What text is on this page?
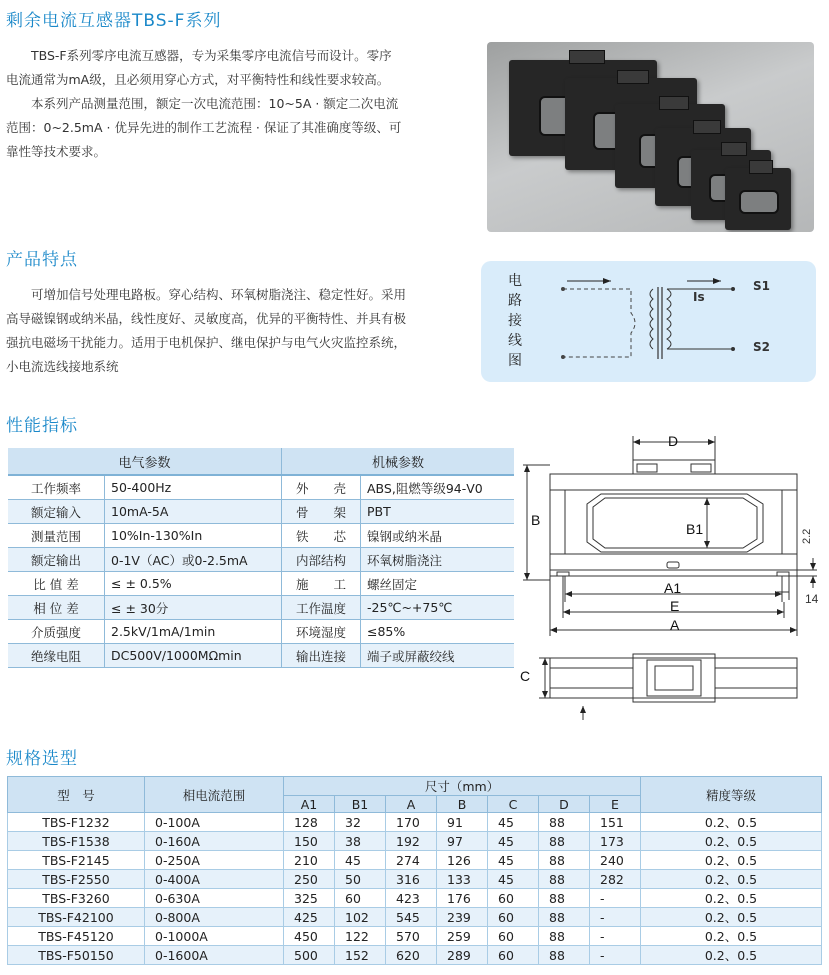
剩余电流互感器TBS-F系列
产品特点
性能指标
规格选型

TBS-F系列零序电流互感器，专为采集零序电流信号而设计。零序电流通常为mA级，且必须用穿心方式，对平衡特性和线性要求较高。

本系列产品测量范围，额定一次电流范围：10~5A · 额定二次电流范围：0~2.5mA · 优异先进的制作工艺流程 · 保证了其准确度等级、可靠性等技术要求。

可增加信号处理电路板。穿心结构、环氧树脂浇注、稳定性好。采用高导磁镍钢或纳米晶，线性度好、灵敏度高，优异的平衡特性、并具有极强抗电磁场干扰能力。适用于电机保护、继电保护与电气火灾监控系统，小电流选线接地系统

电路接线图
Is
S1
S2
电气参数		机械参数	
工作频率	50-400Hz	外　　壳	ABS,阻燃等级94-V0
额定输入	10mA-5A	骨　　架	PBT
测量范围	10%In-130%In	铁　　芯	镍钢或纳米晶
额定输出	0-1V（AC）或0-2.5mA	内部结构	环氧树脂浇注
比 值 差	≤ ± 0.5%	施　　工	螺丝固定
相 位 差	≤ ± 30分	工作温度	-25℃~+75℃
介质强度	2.5kV/1mA/1min	环境湿度	≤85%
绝缘电阻	DC500V/1000MΩmin	输出连接	端子或屏蔽绞线
D
B
B1
A1
E
A
C
2.2
14
型　号	相电流范围	尺寸（mm）							精度等级
		A1	B1	A	B	C	D	E	
TBS-F1232	0-100A	128	32	170	91	45	88	151	0.2、0.5
TBS-F1538	0-160A	150	38	192	97	45	88	173	0.2、0.5
TBS-F2145	0-250A	210	45	274	126	45	88	240	0.2、0.5
TBS-F2550	0-400A	250	50	316	133	45	88	282	0.2、0.5
TBS-F3260	0-630A	325	60	423	176	60	88	-	0.2、0.5
TBS-F42100	0-800A	425	102	545	239	60	88	-	0.2、0.5
TBS-F45120	0-1000A	450	122	570	259	60	88	-	0.2、0.5
TBS-F50150	0-1600A	500	152	620	289	60	88	-	0.2、0.5
